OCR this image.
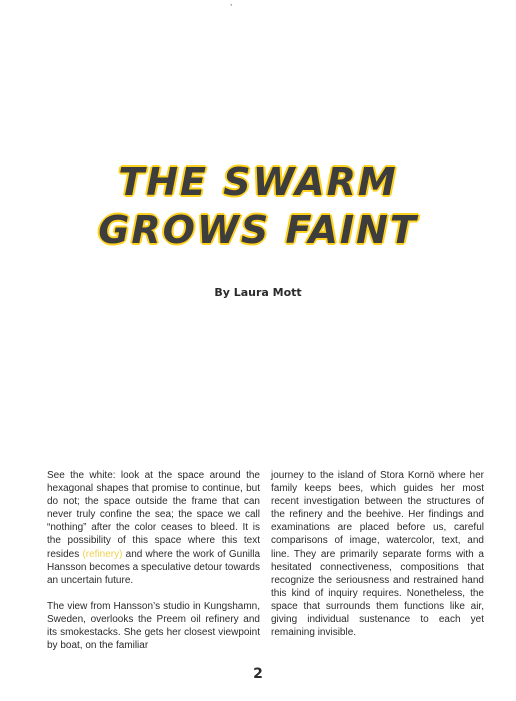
,
THE SWARM
GROWS FAINT
By Laura Mott

See the white: look at the space around the hexagonal shapes that promise to continue, but do not; the space outside the frame that can never truly confine the sea; the space we call “nothing” after the color ceases to bleed. It is the possibility of this space where this text resides (refinery) and where the work of Gunilla Hansson becomes a speculative detour towards an uncertain future.

The view from Hansson’s studio in Kungshamn, Sweden, overlooks the Preem oil refinery and its smokestacks. She gets her closest viewpoint by boat, on the familiar

journey to the island of Stora Kornö where her family keeps bees, which guides her most recent investigation between the structures of the refinery and the beehive. Her findings and examinations are placed before us, careful comparisons of image, watercolor, text, and line. They are primarily separate forms with a hesitated connectiveness, compositions that recognize the seriousness and restrained hand this kind of inquiry requires. Nonetheless, the space that surrounds them functions like air, giving individual sustenance to each yet remaining invisible.

2
